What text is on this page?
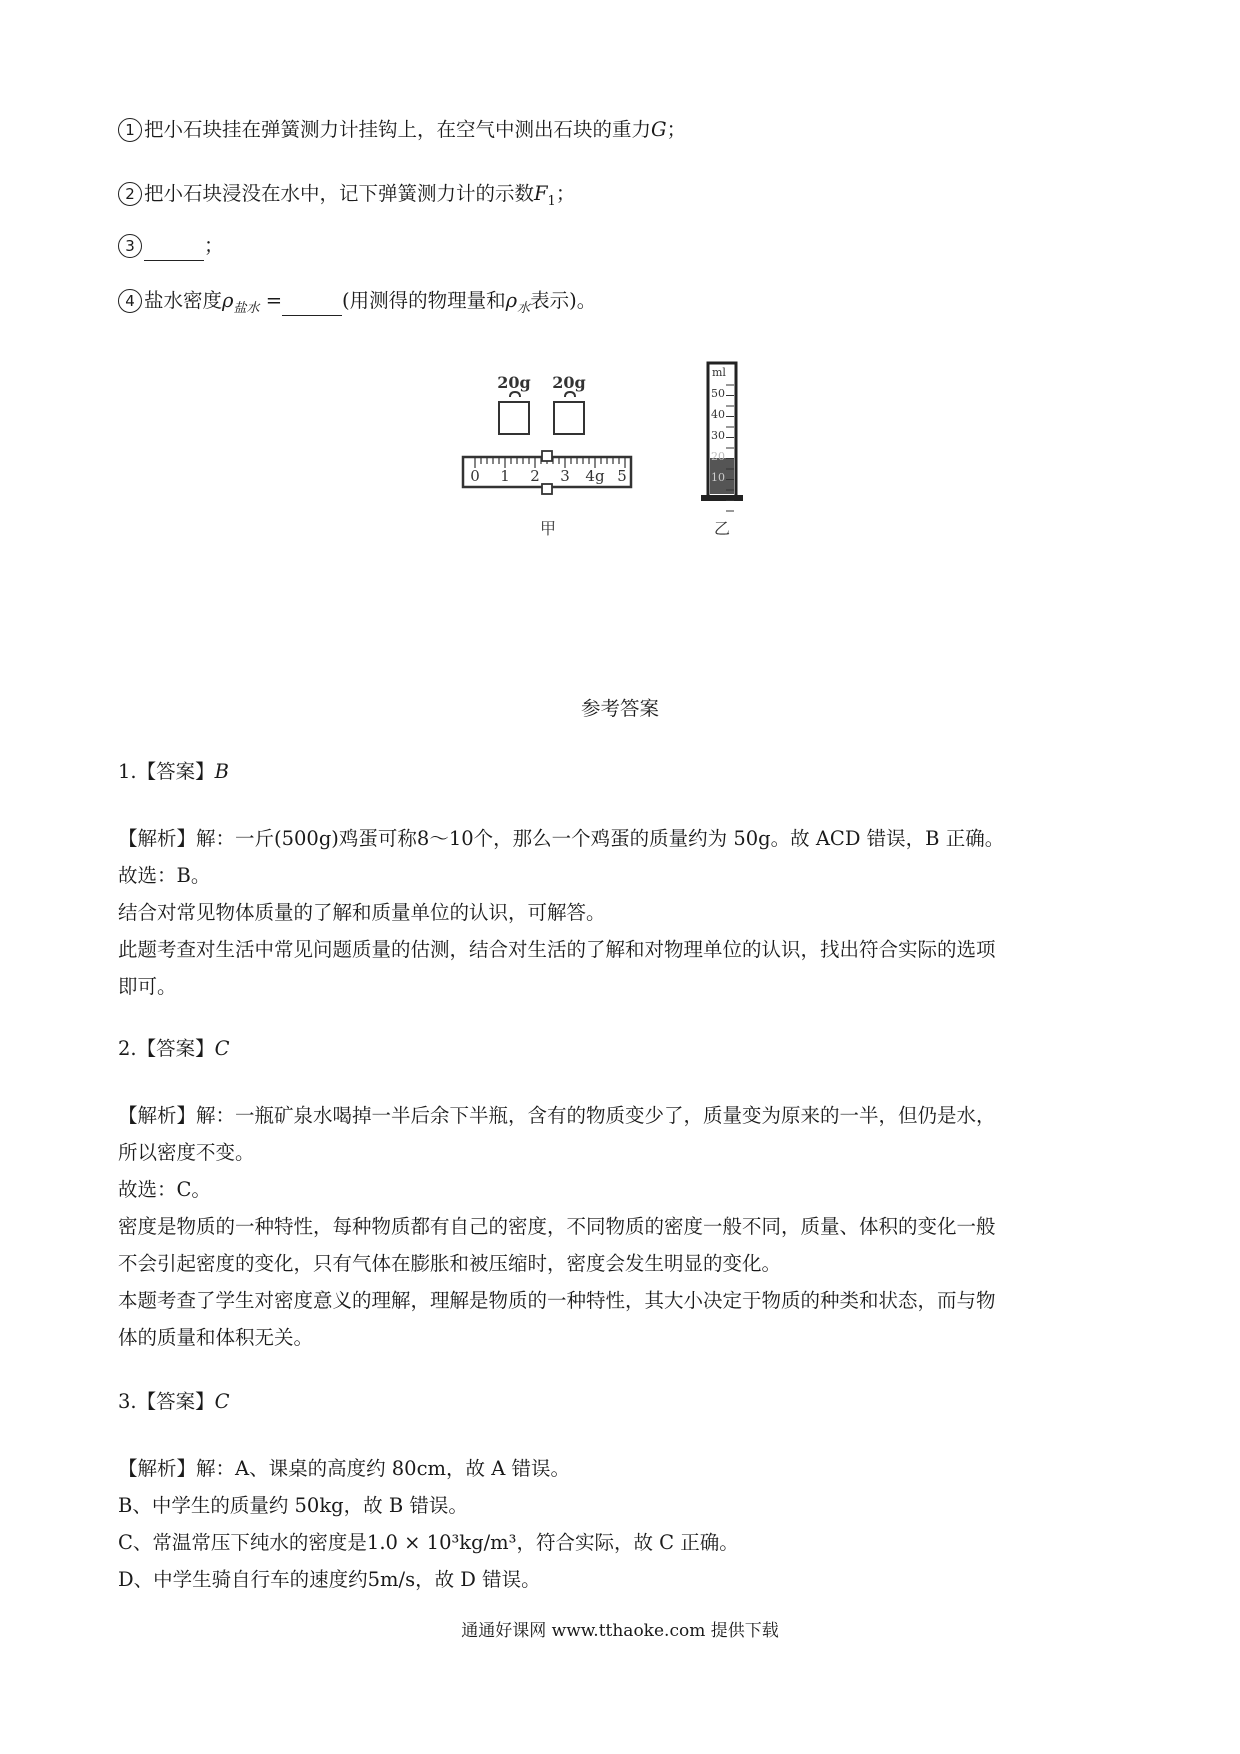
1 把小石块挂在弹簧测力计挂钩上，在空气中测出石块的重力G；
2 把小石块浸没在水中，记下弹簧测力计的示数$F_1$；
3	；
4 盐水密度$\rho_{盐水}$ =	(用测得的物理量和$\rho_水$表示)。
20g 20g
0 1 2 3 4g 5
甲
ml
50
40
30
20
10
乙
参考答案
1.【答案】B
【解析】解：一斤(500g)鸡蛋可称8～10个，那么一个鸡蛋的质量约为 50g。故 ACD 错误，B 正确。
故选：B。
结合对常见物体质量的了解和质量单位的认识，可解答。
此题考查对生活中常见问题质量的估测，结合对生活的了解和对物理单位的认识，找出符合实际的选项
即可。
2.【答案】C
【解析】解：一瓶矿泉水喝掉一半后余下半瓶，含有的物质变少了，质量变为原来的一半，但仍是水，
所以密度不变。
故选：C。
密度是物质的一种特性，每种物质都有自己的密度，不同物质的密度一般不同，质量、体积的变化一般
不会引起密度的变化，只有气体在膨胀和被压缩时，密度会发生明显的变化。
本题考查了学生对密度意义的理解，理解是物质的一种特性，其大小决定于物质的种类和状态，而与物
体的质量和体积无关。
3.【答案】C
【解析】解：A、课桌的高度约 80cm，故 A 错误。
B、中学生的质量约 50kg，故 B 错误。
C、常温常压下纯水的密度是1.0 × 10³kg/m³，符合实际，故 C 正确。
D、中学生骑自行车的速度约5m/s，故 D 错误。
通通好课网 www.tthaoke.com 提供下载
